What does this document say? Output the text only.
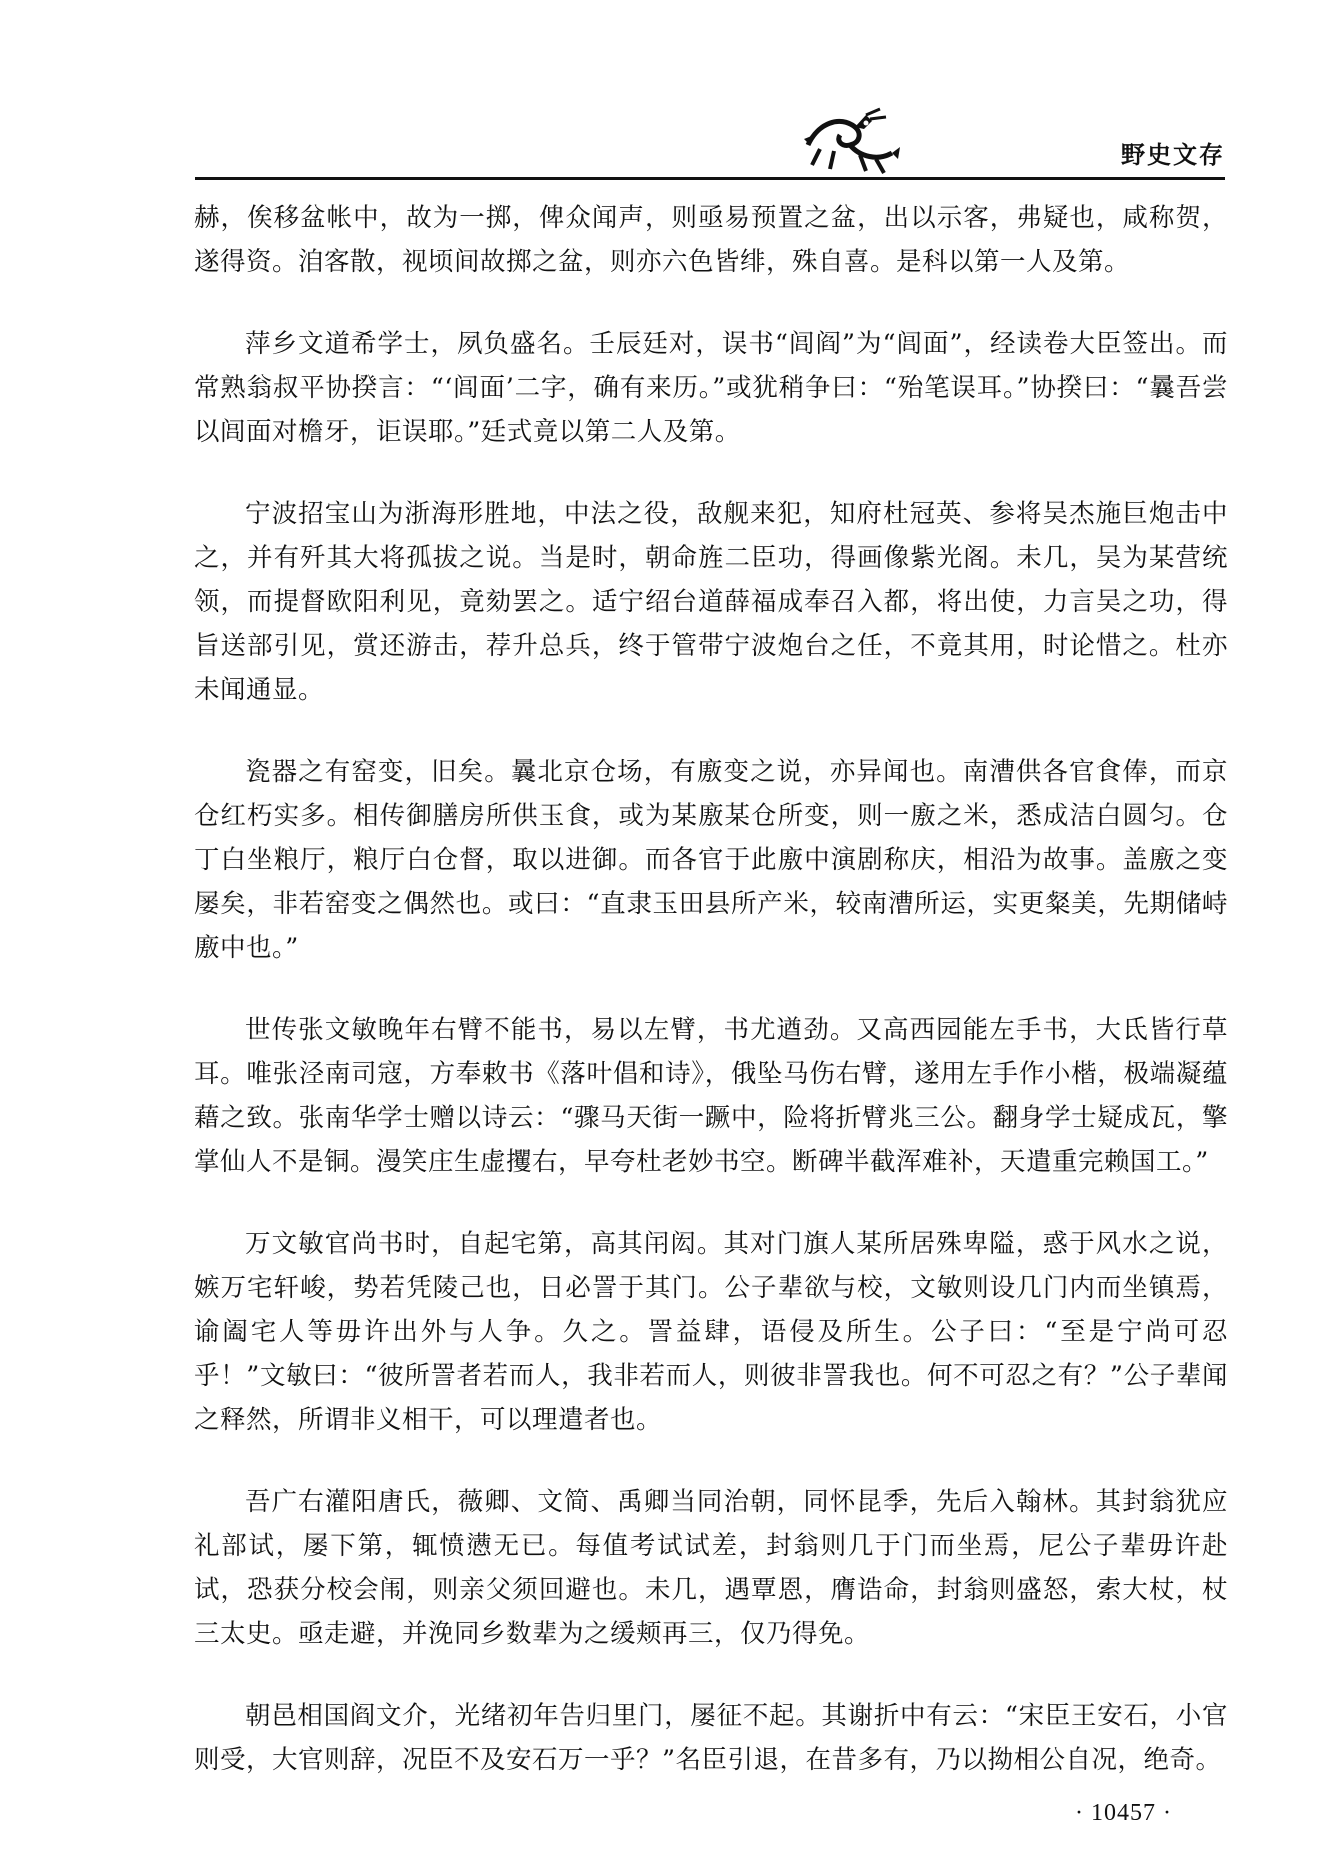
野史文存

赫，俟移盆帐中，故为一掷，俾众闻声，则亟易预置之盆，出以示客，弗疑也，咸称贺，遂得资。洎客散，视顷间故掷之盆，则亦六色皆绯，殊自喜。是科以第一人及第。

萍乡文道希学士，夙负盛名。壬辰廷对，误书“闾阎”为“闾面”，经读卷大臣签出。而常熟翁叔平协揆言：“‘闾面’二字，确有来历。”或犹稍争曰：“殆笔误耳。”协揆曰：“曩吾尝以闾面对檐牙，讵误耶。”廷式竟以第二人及第。

宁波招宝山为浙海形胜地，中法之役，敌舰来犯，知府杜冠英、参将吴杰施巨炮击中之，并有歼其大将孤拔之说。当是时，朝命旌二臣功，得画像紫光阁。未几，吴为某营统领，而提督欧阳利见，竟劾罢之。适宁绍台道薛福成奉召入都，将出使，力言吴之功，得旨送部引见，赏还游击，荐升总兵，终于管带宁波炮台之任，不竟其用，时论惜之。杜亦未闻通显。

瓷器之有窑变，旧矣。曩北京仓场，有廒变之说，亦异闻也。南漕供各官食俸，而京仓红朽实多。相传御膳房所供玉食，或为某廒某仓所变，则一廒之米，悉成洁白圆匀。仓丁白坐粮厅，粮厅白仓督，取以进御。而各官于此廒中演剧称庆，相沿为故事。盖廒之变屡矣，非若窑变之偶然也。或曰：“直隶玉田县所产米，较南漕所运，实更粲美，先期储峙廒中也。”

世传张文敏晚年右臂不能书，易以左臂，书尤遒劲。又高西园能左手书，大氐皆行草耳。唯张泾南司寇，方奉敕书《落叶倡和诗》，俄坠马伤右臂，遂用左手作小楷，极端凝蕴藉之致。张南华学士赠以诗云：“骤马天街一蹶中，险将折臂兆三公。翻身学士疑成瓦，擎掌仙人不是铜。漫笑庄生虚攫右，早夸杜老妙书空。断碑半截浑难补，天遣重完赖国工。”

万文敏官尚书时，自起宅第，高其闬闳。其对门旗人某所居殊卑隘，惑于风水之说，嫉万宅轩峻，势若凭陵己也，日必詈于其门。公子辈欲与校，文敏则设几门内而坐镇焉，谕阖宅人等毋许出外与人争。久之。詈益肆，语侵及所生。公子曰：“至是宁尚可忍乎！”文敏曰：“彼所詈者若而人，我非若而人，则彼非詈我也。何不可忍之有？”公子辈闻之释然，所谓非义相干，可以理遣者也。

吾广右灌阳唐氏，薇卿、文简、禹卿当同治朝，同怀昆季，先后入翰林。其封翁犹应礼部试，屡下第，辄愤懑无已。每值考试试差，封翁则几于门而坐焉，尼公子辈毋许赴试，恐获分校会闱，则亲父须回避也。未几，遇覃恩，膺诰命，封翁则盛怒，索大杖，杖三太史。亟走避，并浼同乡数辈为之缓颊再三，仅乃得免。

朝邑相国阎文介，光绪初年告归里门，屡征不起。其谢折中有云：“宋臣王安石，小官则受，大官则辞，况臣不及安石万一乎？”名臣引退，在昔多有，乃以拗相公自况，绝奇。

· 10457 ·
